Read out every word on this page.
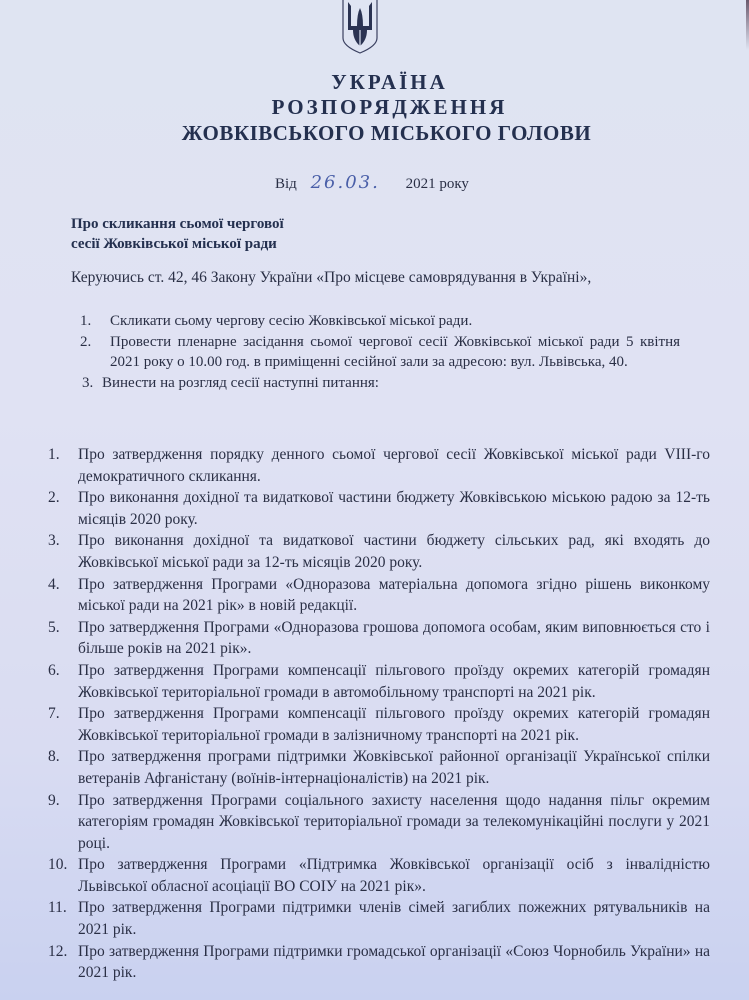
УКРАЇНА
РОЗПОРЯДЖЕННЯ
ЖОВКІВСЬКОГО МІСЬКОГО ГОЛОВИ
Від 26.03. 2021 року
Про скликання сьомої чергової
сесії Жовківської міської ради
Керуючись ст. 42, 46 Закону України «Про місцеве самоврядування в Україні»,
1.	Скликати сьому чергову сесію Жовківської міської ради.
2.	Провести пленарне засідання сьомої чергової сесії Жовківської міської ради 5 квітня 2021 року о 10.00 год. в приміщенні сесійної зали за адресою: вул. Львівська, 40.
3. Винести на розгляд сесії наступні питання:
1.	Про затвердження порядку денного сьомої чергової сесії Жовківської міської ради VIII-го демократичного скликання.
2.	Про виконання дохідної та видаткової частини бюджету Жовківською міською радою за 12-ть місяців 2020 року.
3.	Про виконання дохідної та видаткової частини бюджету сільських рад, які входять до Жовківської міської ради за 12-ть місяців 2020 року.
4.	Про затвердження Програми «Одноразова матеріальна допомога згідно рішень виконкому міської ради на 2021 рік» в новій редакції.
5.	Про затвердження Програми «Одноразова грошова допомога особам, яким виповнюється сто і більше років на 2021 рік».
6.	Про затвердження Програми компенсації пільгового проїзду окремих категорій громадян Жовківської територіальної громади в автомобільному транспорті на 2021 рік.
7.	Про затвердження Програми компенсації пільгового проїзду окремих категорій громадян Жовківської територіальної громади в залізничному транспорті на 2021 рік.
8.	Про затвердження програми підтримки Жовківської районної організації Української спілки ветеранів Афганістану (воїнів-інтернаціоналістів) на 2021 рік.
9.	Про затвердження Програми соціального захисту населення щодо надання пільг окремим категоріям громадян Жовківської територіальної громади за телекомунікаційні послуги у 2021 році.
10. Про затвердження Програми «Підтримка Жовківської організації осіб з інвалідністю Львівської обласної асоціації ВО СОІУ на 2021 рік».
11. Про затвердження Програми підтримки членів сімей загиблих пожежних рятувальників на 2021 рік.
12. Про затвердження Програми підтримки громадської організації «Союз Чорнобиль України» на 2021 рік.
